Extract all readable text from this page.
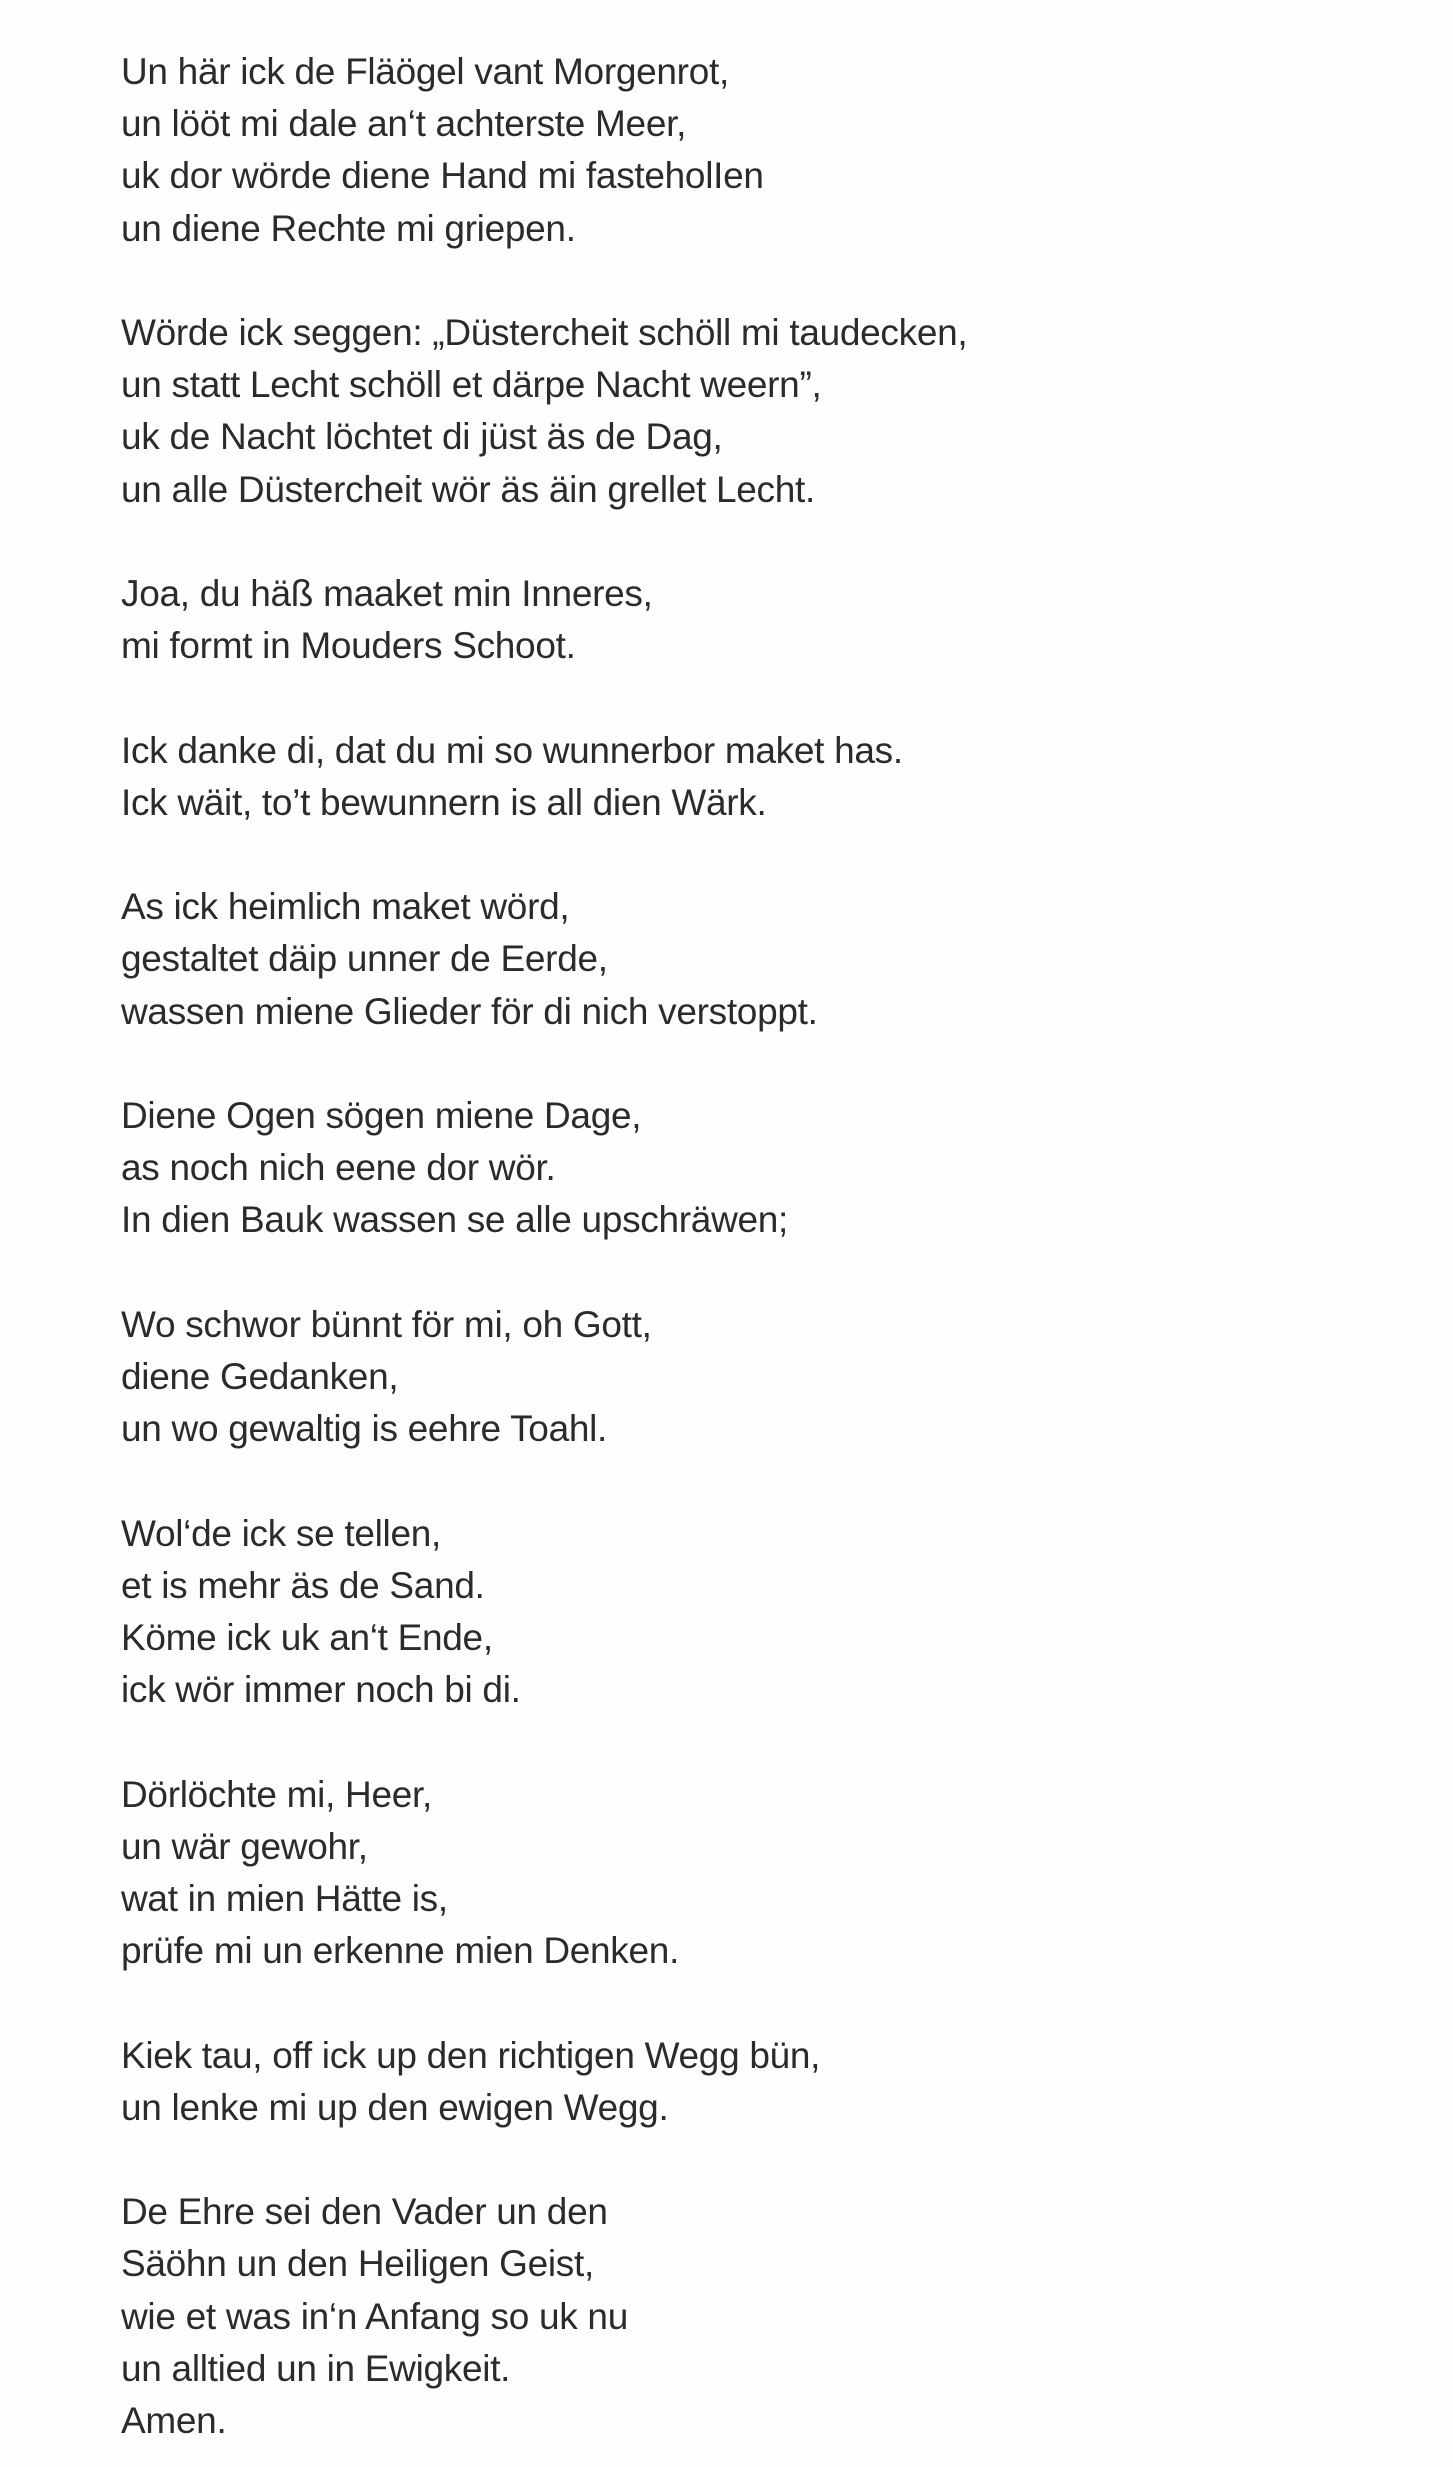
Un här ick de Fläögel vant Morgenrot,
un lööt mi dale an‘t achterste Meer,
uk dor wörde diene Hand mi fasteholIen
un diene Rechte mi griepen.
Wörde ick seggen: „Düstercheit schöll mi taudecken,
un statt Lecht schöll et därpe Nacht weern”,
uk de Nacht löchtet di jüst äs de Dag,
un alle Düstercheit wör äs äin grellet Lecht.
Joa, du häß maaket min Inneres,
mi formt in Mouders Schoot.
Ick danke di, dat du mi so wunnerbor maket has.
Ick wäit, to’t bewunnern is all dien Wärk.
As ick heimlich maket wörd,
gestaltet däip unner de Eerde,
wassen miene Glieder för di nich verstoppt.
Diene Ogen sögen miene Dage,
as noch nich eene dor wör.
In dien Bauk wassen se alle upschräwen;
Wo schwor bünnt för mi, oh Gott,
diene Gedanken,
un wo gewaltig is eehre Toahl.
Wol‘de ick se tellen,
et is mehr äs de Sand.
Köme ick uk an‘t Ende,
ick wör immer noch bi di.
Dörlöchte mi, Heer,
un wär gewohr,
wat in mien Hätte is,
prüfe mi un erkenne mien Denken.
Kiek tau, off ick up den richtigen Wegg bün,
un lenke mi up den ewigen Wegg.
De Ehre sei den Vader un den
Säöhn un den Heiligen Geist,
wie et was in‘n Anfang so uk nu
un alltied un in Ewigkeit.
Amen.
